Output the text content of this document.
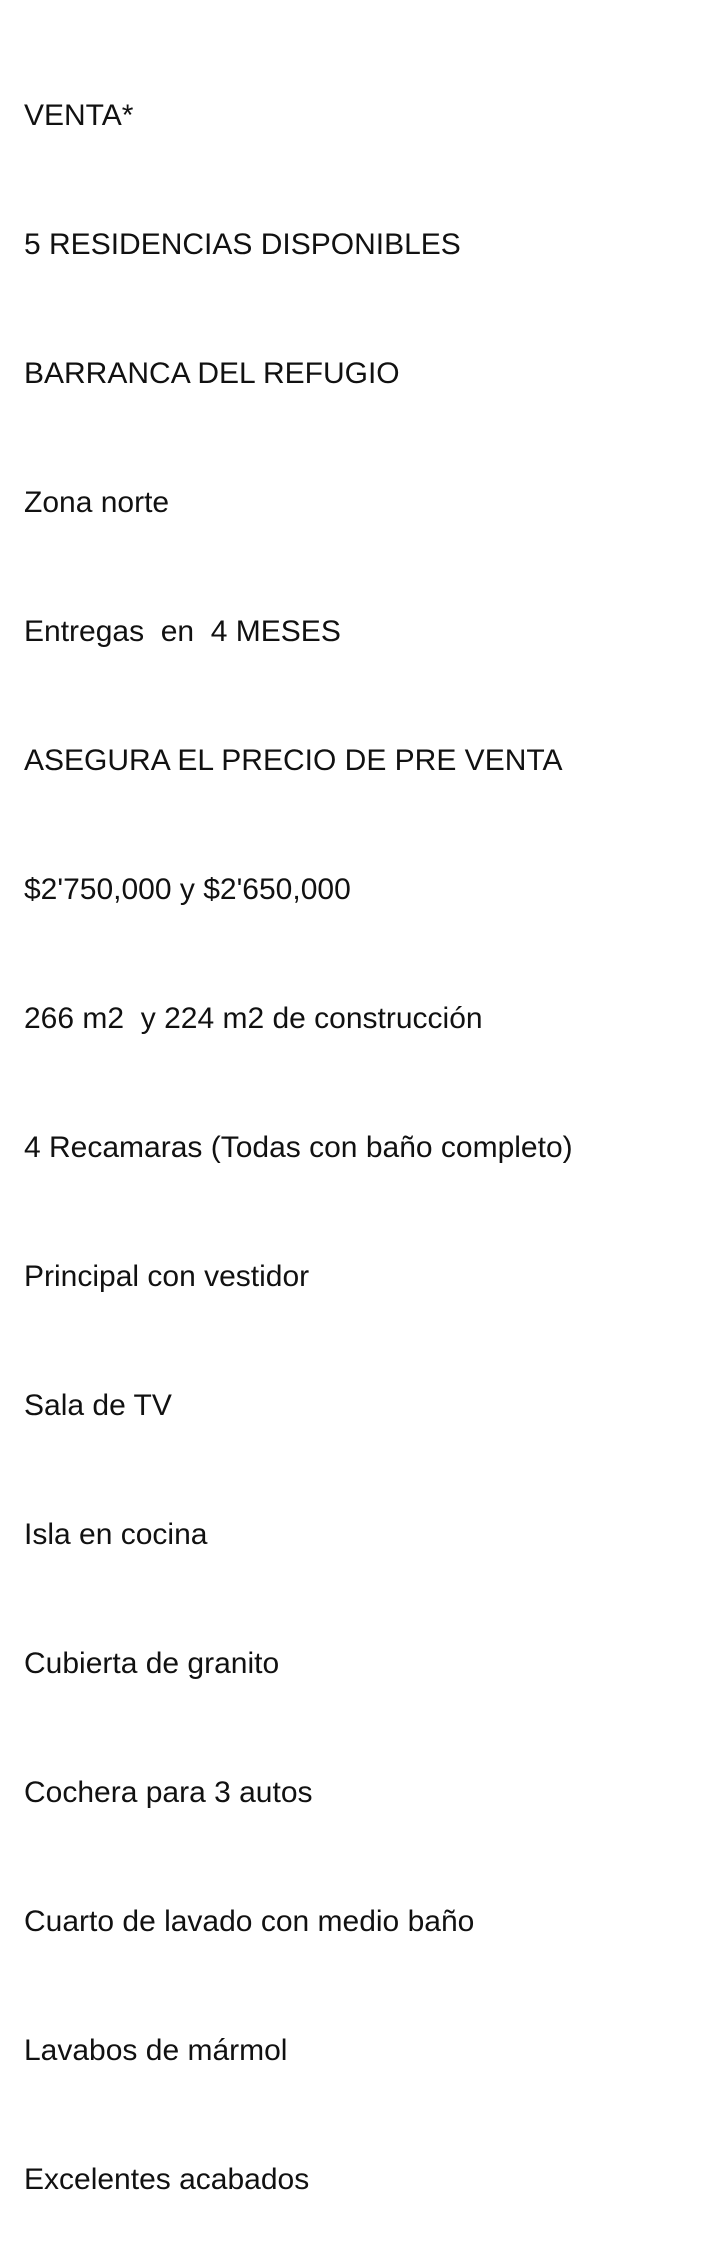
VENTA*

5 RESIDENCIAS DISPONIBLES

BARRANCA DEL REFUGIO

Zona norte

Entregas  en  4 MESES

ASEGURA EL PRECIO DE PRE VENTA

$2'750,000 y $2'650,000

266 m2  y 224 m2 de construcción

4 Recamaras (Todas con baño completo)

Principal con vestidor

Sala de TV

Isla en cocina

Cubierta de granito

Cochera para 3 autos

Cuarto de lavado con medio baño

Lavabos de mármol

Excelentes acabados
